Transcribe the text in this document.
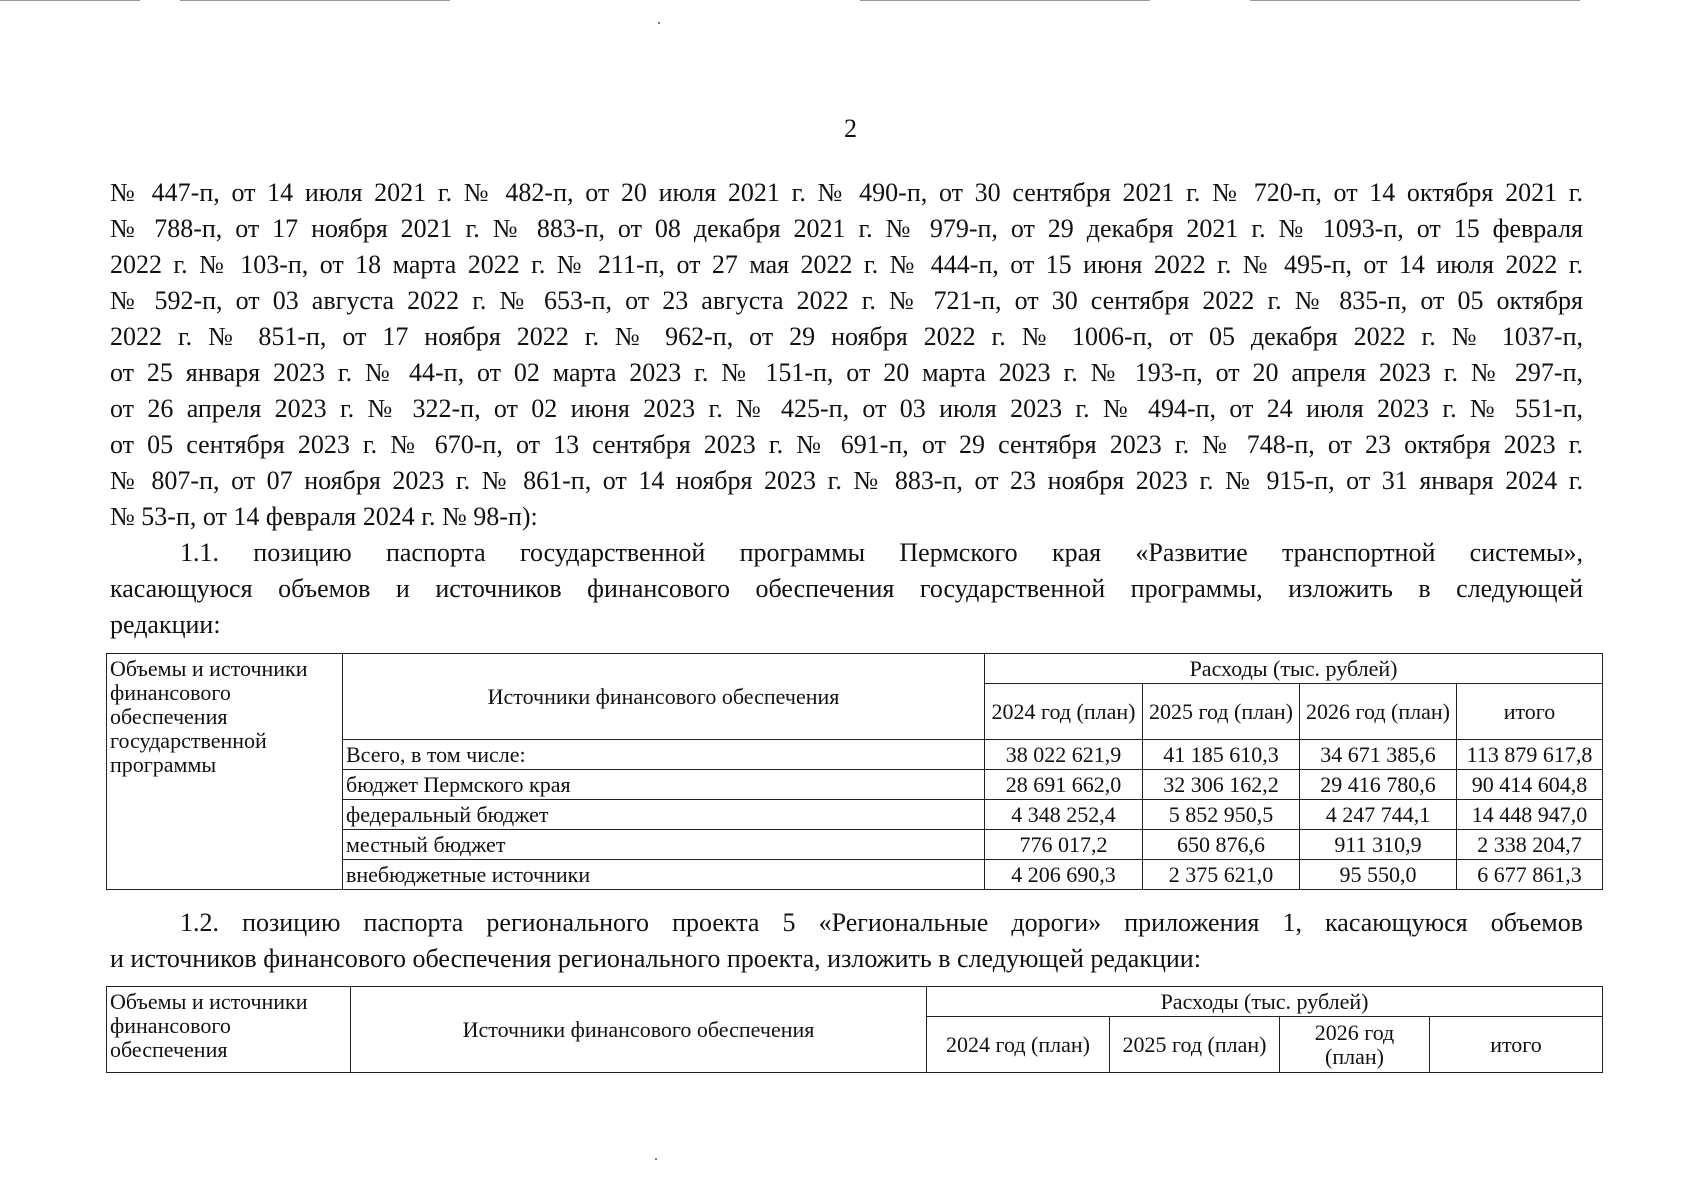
2
№ 447-п, от 14 июля 2021 г. № 482-п, от 20 июля 2021 г. № 490-п, от 30 сентября 2021 г. № 720-п, от 14 октября 2021 г.
№ 788-п, от 17 ноября 2021 г. № 883-п, от 08 декабря 2021 г. № 979-п, от 29 декабря 2021 г. № 1093-п, от 15 февраля
2022 г. № 103-п, от 18 марта 2022 г. № 211-п, от 27 мая 2022 г. № 444-п, от 15 июня 2022 г. № 495-п, от 14 июля 2022 г.
№ 592-п, от 03 августа 2022 г. № 653-п, от 23 августа 2022 г. № 721-п, от 30 сентября 2022 г. № 835-п, от 05 октября
2022 г. № 851-п, от 17 ноября 2022 г. № 962-п, от 29 ноября 2022 г. № 1006-п, от 05 декабря 2022 г. № 1037-п,
от 25 января 2023 г. № 44-п, от 02 марта 2023 г. № 151-п, от 20 марта 2023 г. № 193-п, от 20 апреля 2023 г. № 297-п,
от 26 апреля 2023 г. № 322-п, от 02 июня 2023 г. № 425-п, от 03 июля 2023 г. № 494-п, от 24 июля 2023 г. № 551-п,
от 05 сентября 2023 г. № 670-п, от 13 сентября 2023 г. № 691-п, от 29 сентября 2023 г. № 748-п, от 23 октября 2023 г.
№ 807-п, от 07 ноября 2023 г. № 861-п, от 14 ноября 2023 г. № 883-п, от 23 ноября 2023 г. № 915-п, от 31 января 2024 г.
№ 53-п, от 14 февраля 2024 г. № 98-п):
1.1. позицию паспорта государственной программы Пермского края «Развитие транспортной системы»,
касающуюся объемов и источников финансового обеспечения государственной программы, изложить в следующей
редакции:
Объемы и источники финансового обеспечения государственной программы	Источники финансового обеспечения	Расходы (тыс. рублей)			
		2024 год (план)	2025 год (план)	2026 год (план)	итого
	Всего, в том числе:	38 022 621,9	41 185 610,3	34 671 385,6	113 879 617,8
	бюджет Пермского края	28 691 662,0	32 306 162,2	29 416 780,6	90 414 604,8
	федеральный бюджет	4 348 252,4	5 852 950,5	4 247 744,1	14 448 947,0
	местный бюджет	776 017,2	650 876,6	911 310,9	2 338 204,7
	внебюджетные источники	4 206 690,3	2 375 621,0	95 550,0	6 677 861,3
1.2. позицию паспорта регионального проекта 5 «Региональные дороги» приложения 1, касающуюся объемов
и источников финансового обеспечения регионального проекта, изложить в следующей редакции:
Объемы и источники финансового обеспечения	Источники финансового обеспечения	Расходы (тыс. рублей)			
		2024 год (план)	2025 год (план)	2026 год (план)	итого
